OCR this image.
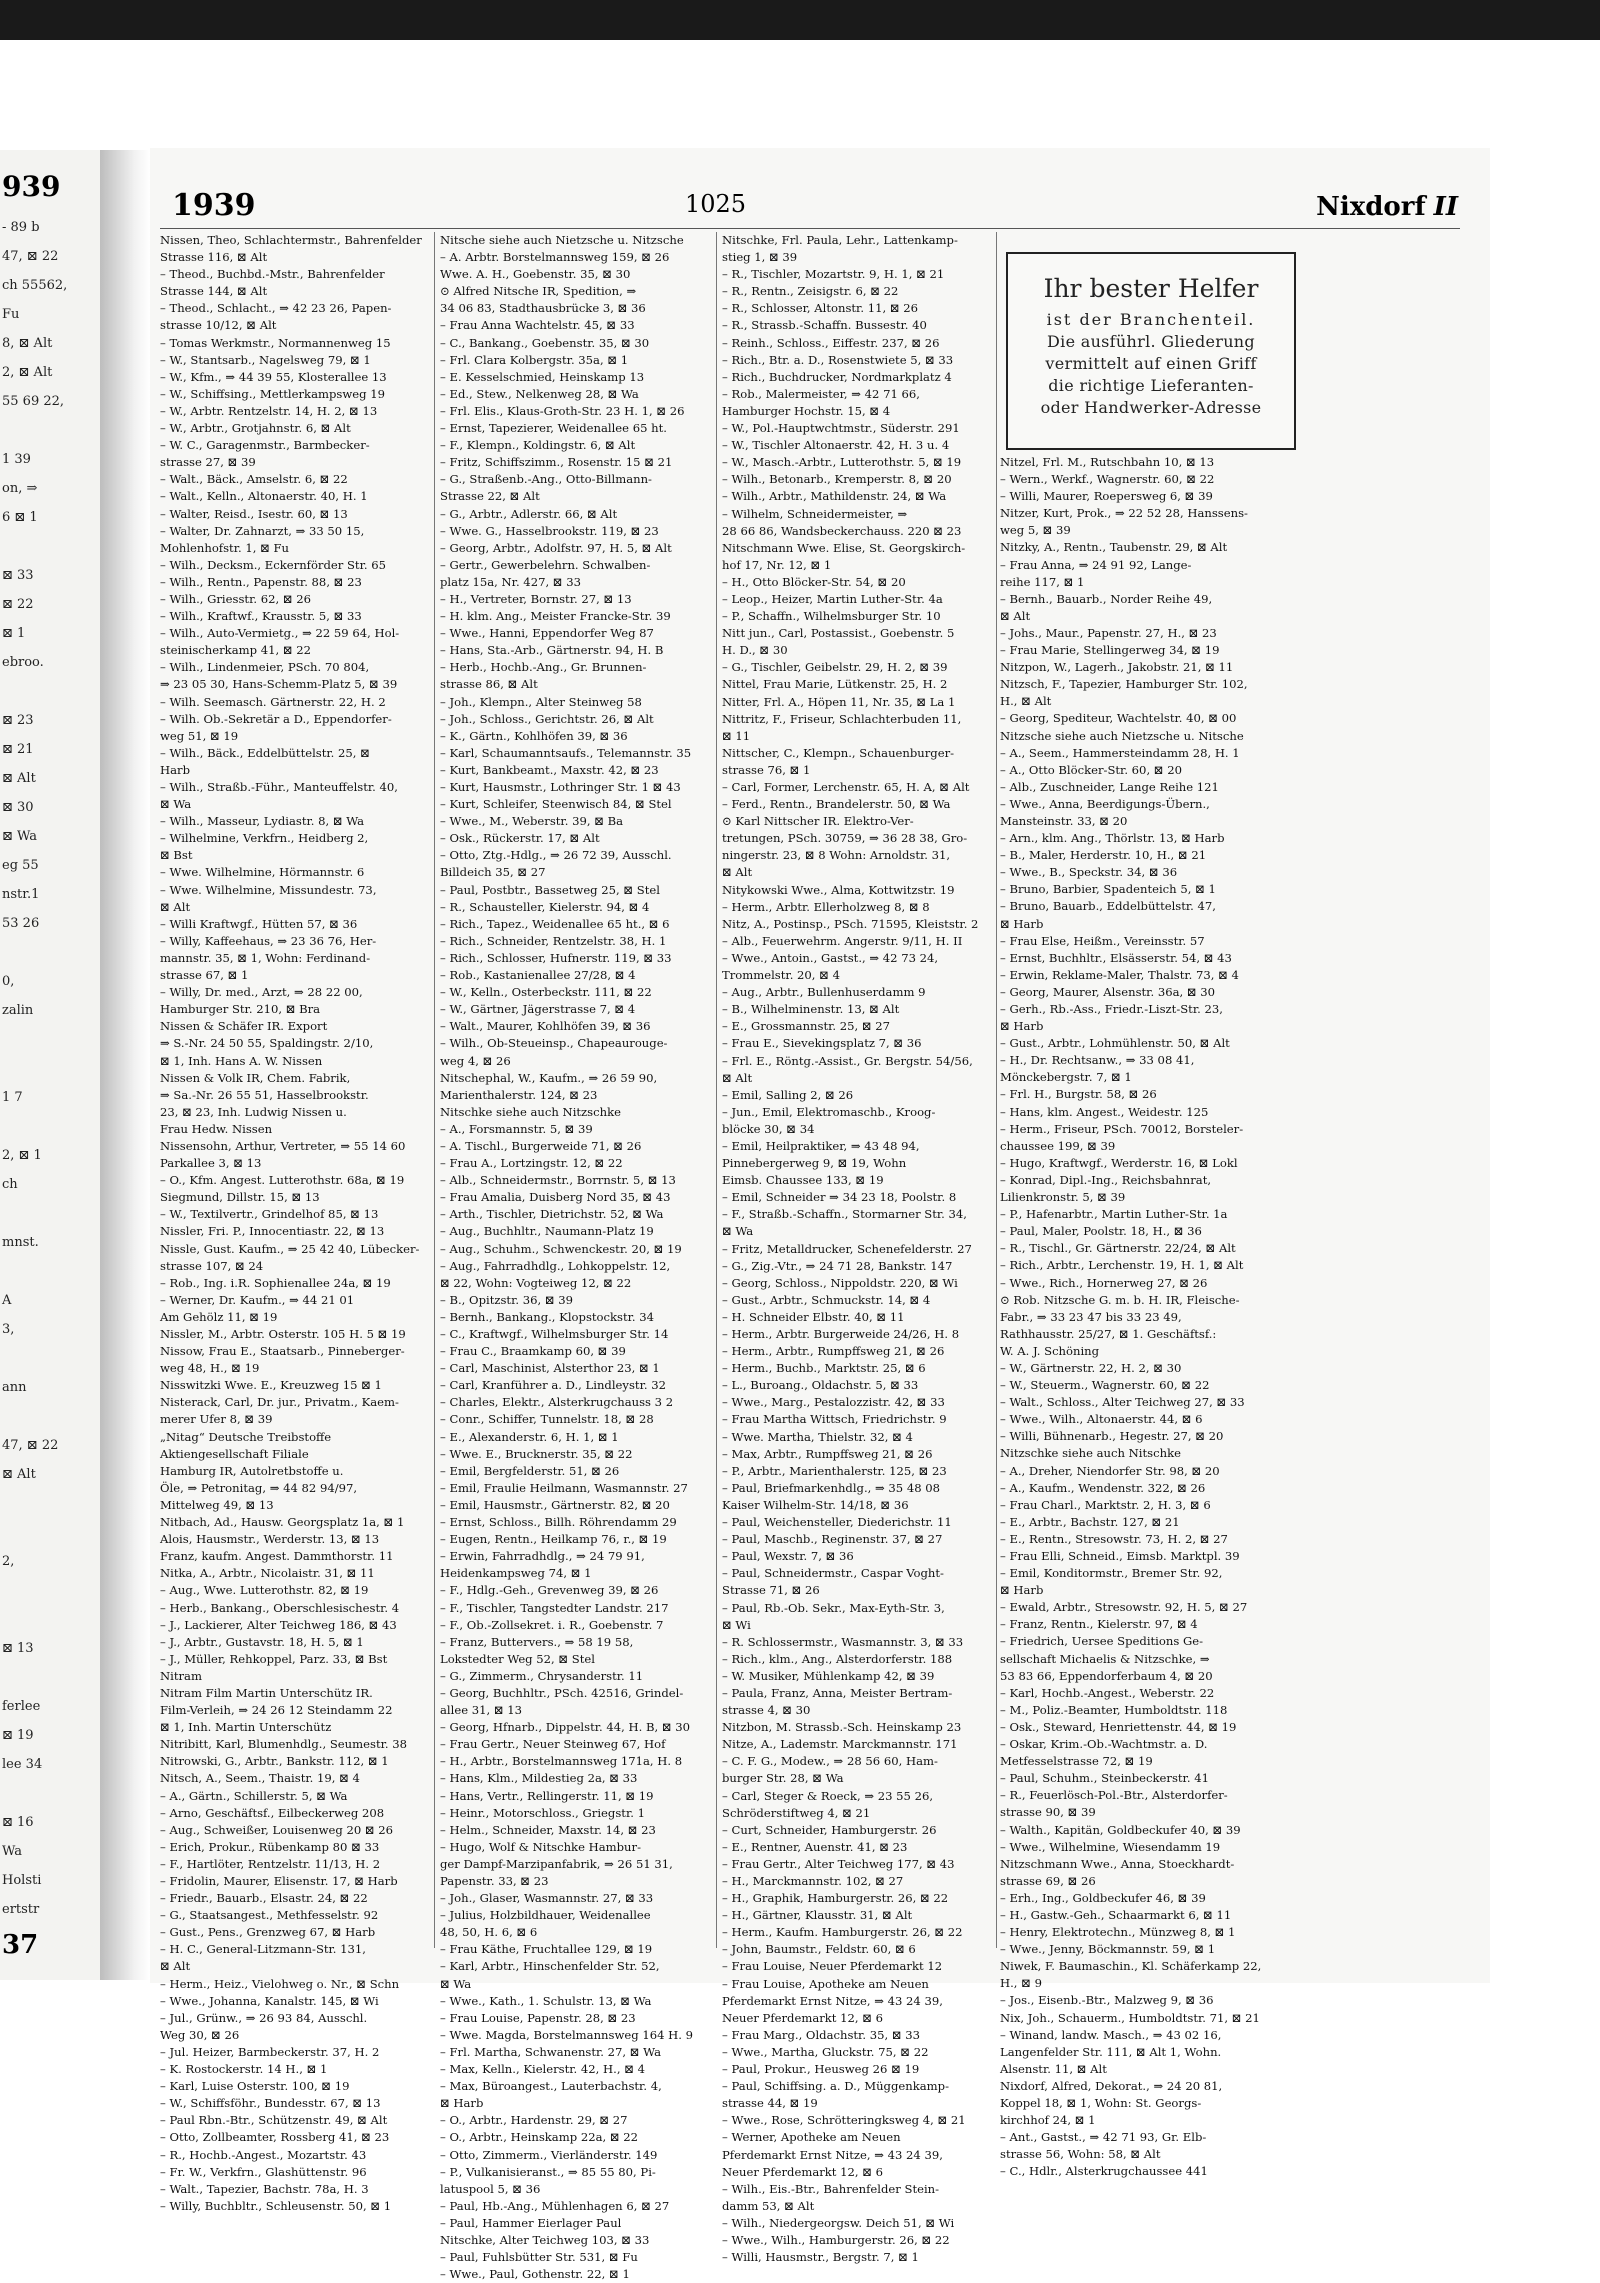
939
- 89 b
47, ⊠ 22
ch 55562,
Fu
8, ⊠ Alt
2, ⊠ Alt
55 69 22,
1 39
on, ⇒
6 ⊠ 1
⊠ 33
⊠ 22
⊠ 1
ebroo.
⊠ 23
⊠ 21
⊠ Alt
⊠ 30
⊠ Wa
eg 55
nstr.1
53 26
0,
zalin
1 7
2, ⊠ 1
ch
mnst.
A
3,
ann
47, ⊠ 22
⊠ Alt
2,
⊠ 13
ferlee
⊠ 19
lee 34
⊠ 16
Wa
Holsti
ertstr
37
1939	1025	Nixdorf II
Nissen, Theo, Schlachtermstr., Bahrenfelder
Strasse 116, ⊠ Alt
– Theod., Buchbd.-Mstr., Bahrenfelder
Strasse 144, ⊠ Alt
– Theod., Schlacht., ⇒ 42 23 26, Papen-
strasse 10/12, ⊠ Alt
– Tomas Werkmstr., Normannenweg 15
– W., Stantsarb., Nagelsweg 79, ⊠ 1
– W., Kfm., ⇒ 44 39 55, Klosterallee 13
– W., Schiffsing., Mettlerkampsweg 19
– W., Arbtr. Rentzelstr. 14, H. 2, ⊠ 13
– W., Arbtr., Grotjahnstr. 6, ⊠ Alt
– W. C., Garagenmstr., Barmbecker-
strasse 27, ⊠ 39
– Walt., Bäck., Amselstr. 6, ⊠ 22
– Walt., Kelln., Altonaerstr. 40, H. 1
– Walter, Reisd., Isestr. 60, ⊠ 13
– Walter, Dr. Zahnarzt, ⇒ 33 50 15,
Mohlenhofstr. 1, ⊠ Fu
– Wilh., Decksm., Eckernförder Str. 65
– Wilh., Rentn., Papenstr. 88, ⊠ 23
– Wilh., Griesstr. 62, ⊠ 26
– Wilh., Kraftwf., Krausstr. 5, ⊠ 33
– Wilh., Auto-Vermietg., ⇒ 22 59 64, Hol-
steinischerkamp 41, ⊠ 22
– Wilh., Lindenmeier, PSch. 70 804,
⇒ 23 05 30, Hans-Schemm-Platz 5, ⊠ 39
– Wilh. Seemasch. Gärtnerstr. 22, H. 2
– Wilh. Ob.-Sekretär a D., Eppendorfer-
weg 51, ⊠ 19
– Wilh., Bäck., Eddelbüttelstr. 25, ⊠
Harb
– Wilh., Straßb.-Führ., Manteuffelstr. 40,
⊠ Wa
– Wilh., Masseur, Lydiastr. 8, ⊠ Wa
– Wilhelmine, Verkfrn., Heidberg 2,
⊠ Bst
– Wwe. Wilhelmine, Hörmannstr. 6
– Wwe. Wilhelmine, Missundestr. 73,
⊠ Alt
– Willi Kraftwgf., Hütten 57, ⊠ 36
– Willy, Kaffeehaus, ⇒ 23 36 76, Her-
mannstr. 35, ⊠ 1, Wohn: Ferdinand-
strasse 67, ⊠ 1
– Willy, Dr. med., Arzt, ⇒ 28 22 00,
Hamburger Str. 210, ⊠ Bra
Nissen & Schäfer IR. Export
⇒ S.-Nr. 24 50 55, Spaldingstr. 2/10,
⊠ 1, Inh. Hans A. W. Nissen
Nissen & Volk IR, Chem. Fabrik,
⇒ Sa.-Nr. 26 55 51, Hasselbrookstr.
23, ⊠ 23, Inh. Ludwig Nissen u.
Frau Hedw. Nissen
Nissensohn, Arthur, Vertreter, ⇒ 55 14 60
Parkallee 3, ⊠ 13
– O., Kfm. Angest. Lutterothstr. 68a, ⊠ 19
Siegmund, Dillstr. 15, ⊠ 13
– W., Textilvertr., Grindelhof 85, ⊠ 13
Nissler, Fri. P., Innocentiastr. 22, ⊠ 13
Nissle, Gust. Kaufm., ⇒ 25 42 40, Lübecker-
strasse 107, ⊠ 24
– Rob., Ing. i.R. Sophienallee 24a, ⊠ 19
– Werner, Dr. Kaufm., ⇒ 44 21 01
Am Gehölz 11, ⊠ 19
Nissler, M., Arbtr. Osterstr. 105 H. 5 ⊠ 19
Nissow, Frau E., Staatsarb., Pinneberger-
weg 48, H., ⊠ 19
Nisswitzki Wwe. E., Kreuzweg 15 ⊠ 1
Nisterack, Carl, Dr. jur., Privatm., Kaem-
merer Ufer 8, ⊠ 39
„Nitag“ Deutsche Treibstoffe
Aktiengesellschaft Filiale
Hamburg IR, Autolretbstoffe u.
Öle, ⇒ Petronitag, ⇒ 44 82 94/97,
Mittelweg 49, ⊠ 13
Nitbach, Ad., Hausw. Georgsplatz 1a, ⊠ 1
Alois, Hausmstr., Werderstr. 13, ⊠ 13
Franz, kaufm. Angest. Dammthorstr. 11
Nitka, A., Arbtr., Nicolaistr. 31, ⊠ 11
– Aug., Wwe. Lutterothstr. 82, ⊠ 19
– Herb., Bankang., Oberschlesischestr. 4
– J., Lackierer, Alter Teichweg 186, ⊠ 43
– J., Arbtr., Gustavstr. 18, H. 5, ⊠ 1
– J., Müller, Rehkoppel, Parz. 33, ⊠ Bst
Nitram
Nitram Film Martin Unterschütz IR.
Film-Verleih, ⇒ 24 26 12 Steindamm 22
⊠ 1, Inh. Martin Unterschütz
Nitribitt, Karl, Blumenhdlg., Seumestr. 38
Nitrowski, G., Arbtr., Bankstr. 112, ⊠ 1
Nitsch, A., Seem., Thaistr. 19, ⊠ 4
– A., Gärtn., Schillerstr. 5, ⊠ Wa
– Arno, Geschäftsf., Eilbeckerweg 208
– Aug., Schweißer, Louisenweg 20 ⊠ 26
– Erich, Prokur., Rübenkamp 80 ⊠ 33
– F., Hartlöter, Rentzelstr. 11/13, H. 2
– Fridolin, Maurer, Elisenstr. 17, ⊠ Harb
– Friedr., Bauarb., Elsastr. 24, ⊠ 22
– G., Staatsangest., Methfesselstr. 92
– Gust., Pens., Grenzweg 67, ⊠ Harb
– H. C., General-Litzmann-Str. 131,
⊠ Alt
– Herm., Heiz., Vielohweg o. Nr., ⊠ Schn
– Wwe., Johanna, Kanalstr. 145, ⊠ Wi
– Jul., Grünw., ⇒ 26 93 84, Ausschl.
Weg 30, ⊠ 26
– Jul. Heizer, Barmbeckerstr. 37, H. 2
– K. Rostockerstr. 14 H., ⊠ 1
– Karl, Luise Osterstr. 100, ⊠ 19
– W., Schiffsföhr., Bundesstr. 67, ⊠ 13
– Paul Rbn.-Btr., Schützenstr. 49, ⊠ Alt
– Otto, Zollbeamter, Rossberg 41, ⊠ 23
– R., Hochb.-Angest., Mozartstr. 43
– Fr. W., Verkfrn., Glashüttenstr. 96
– Walt., Tapezier, Bachstr. 78a, H. 3
– Willy, Buchbltr., Schleusenstr. 50, ⊠ 1
Nitsche siehe auch Nietzsche u. Nitzsche
– A. Arbtr. Borstelmannsweg 159, ⊠ 26
Wwe. A. H., Goebenstr. 35, ⊠ 30
⊙ Alfred Nitsche IR, Spedition, ⇒
34 06 83, Stadthausbrücke 3, ⊠ 36
– Frau Anna Wachtelstr. 45, ⊠ 33
– C., Bankang., Goebenstr. 35, ⊠ 30
– Frl. Clara Kolbergstr. 35a, ⊠ 1
– E. Kesselschmied, Heinskamp 13
– Ed., Stew., Nelkenweg 28, ⊠ Wa
– Frl. Elis., Klaus-Groth-Str. 23 H. 1, ⊠ 26
– Ernst, Tapezierer, Weidenallee 65 ht.
– F., Klempn., Koldingstr. 6, ⊠ Alt
– Fritz, Schiffszimm., Rosenstr. 15 ⊠ 21
– G., Straßenb.-Ang., Otto-Billmann-
Strasse 22, ⊠ Alt
– G., Arbtr., Adlerstr. 66, ⊠ Alt
– Wwe. G., Hasselbrookstr. 119, ⊠ 23
– Georg, Arbtr., Adolfstr. 97, H. 5, ⊠ Alt
– Gertr., Gewerbelehrn. Schwalben-
platz 15a, Nr. 427, ⊠ 33
– H., Vertreter, Bornstr. 27, ⊠ 13
– H. klm. Ang., Meister Francke-Str. 39
– Wwe., Hanni, Eppendorfer Weg 87
– Hans, Sta.-Arb., Gärtnerstr. 94, H. B
– Herb., Hochb.-Ang., Gr. Brunnen-
strasse 86, ⊠ Alt
– Joh., Klempn., Alter Steinweg 58
– Joh., Schloss., Gerichtstr. 26, ⊠ Alt
– K., Gärtn., Kohlhöfen 39, ⊠ 36
– Karl, Schaumanntsaufs., Telemannstr. 35
– Kurt, Bankbeamt., Maxstr. 42, ⊠ 23
– Kurt, Hausmstr., Lothringer Str. 1 ⊠ 43
– Kurt, Schleifer, Steenwisch 84, ⊠ Stel
– Wwe., M., Weberstr. 39, ⊠ Ba
– Osk., Rückerstr. 17, ⊠ Alt
– Otto, Ztg.-Hdlg., ⇒ 26 72 39, Ausschl.
Billdeich 35, ⊠ 27
– Paul, Postbtr., Bassetweg 25, ⊠ Stel
– R., Schausteller, Kielerstr. 94, ⊠ 4
– Rich., Tapez., Weidenallee 65 ht., ⊠ 6
– Rich., Schneider, Rentzelstr. 38, H. 1
– Rich., Schlosser, Hufnerstr. 119, ⊠ 33
– Rob., Kastanienallee 27/28, ⊠ 4
– W., Kelln., Osterbeckstr. 111, ⊠ 22
– W., Gärtner, Jägerstrasse 7, ⊠ 4
– Walt., Maurer, Kohlhöfen 39, ⊠ 36
– Wilh., Ob-Steueinsp., Chapeaurouge-
weg 4, ⊠ 26
Nitschephal, W., Kaufm., ⇒ 26 59 90,
Marienthalerstr. 124, ⊠ 23
Nitschke siehe auch Nitzschke
– A., Forsmannstr. 5, ⊠ 39
– A. Tischl., Burgerweide 71, ⊠ 26
– Frau A., Lortzingstr. 12, ⊠ 22
– Alb., Schneidermstr., Borrnstr. 5, ⊠ 13
– Frau Amalia, Duisberg Nord 35, ⊠ 43
– Arth., Tischler, Dietrichstr. 52, ⊠ Wa
– Aug., Buchhltr., Naumann-Platz 19
– Aug., Schuhm., Schwenckestr. 20, ⊠ 19
– Aug., Fahrradhdlg., Lohkoppelstr. 12,
⊠ 22, Wohn: Vogteiweg 12, ⊠ 22
– B., Opitzstr. 36, ⊠ 39
– Bernh., Bankang., Klopstockstr. 34
– C., Kraftwgf., Wilhelmsburger Str. 14
– Frau C., Braamkamp 60, ⊠ 39
– Carl, Maschinist, Alsterthor 23, ⊠ 1
– Carl, Kranführer a. D., Lindleystr. 32
– Charles, Elektr., Alsterkrugchauss 3 2
– Conr., Schiffer, Tunnelstr. 18, ⊠ 28
– E., Alexanderstr. 6, H. 1, ⊠ 1
– Wwe. E., Brucknerstr. 35, ⊠ 22
– Emil, Bergfelderstr. 51, ⊠ 26
– Emil, Fraulie Heilmann, Wasmannstr. 27
– Emil, Hausmstr., Gärtnerstr. 82, ⊠ 20
– Ernst, Schloss., Billh. Röhrendamm 29
– Eugen, Rentn., Heilkamp 76, r., ⊠ 19
– Erwin, Fahrradhdlg., ⇒ 24 79 91,
Heidenkampsweg 74, ⊠ 1
– F., Hdlg.-Geh., Grevenweg 39, ⊠ 26
– F., Tischler, Tangstedter Landstr. 217
– F., Ob.-Zollsekret. i. R., Goebenstr. 7
– Franz, Buttervers., ⇒ 58 19 58,
Lokstedter Weg 52, ⊠ Stel
– G., Zimmerm., Chrysanderstr. 11
– Georg, Buchhltr., PSch. 42516, Grindel-
allee 31, ⊠ 13
– Georg, Hfnarb., Dippelstr. 44, H. B, ⊠ 30
– Frau Gertr., Neuer Steinweg 67, Hof
– H., Arbtr., Borstelmannsweg 171a, H. 8
– Hans, Klm., Mildestieg 2a, ⊠ 33
– Hans, Vertr., Rellingerstr. 11, ⊠ 19
– Heinr., Motorschloss., Griegstr. 1
– Helm., Schneider, Maxstr. 14, ⊠ 23
– Hugo, Wolf & Nitschke Hambur-
ger Dampf-Marzipanfabrik, ⇒ 26 51 31,
Papenstr. 33, ⊠ 23
– Joh., Glaser, Wasmannstr. 27, ⊠ 33
– Julius, Holzbildhauer, Weidenallee
48, 50, H. 6, ⊠ 6
– Frau Käthe, Fruchtallee 129, ⊠ 19
– Karl, Arbtr., Hinschenfelder Str. 52,
⊠ Wa
– Wwe., Kath., 1. Schulstr. 13, ⊠ Wa
– Frau Louise, Papenstr. 28, ⊠ 23
– Wwe. Magda, Borstelmannsweg 164 H. 9
– Frl. Martha, Schwanenstr. 27, ⊠ Wa
– Max, Kelln., Kielerstr. 42, H., ⊠ 4
– Max, Büroangest., Lauterbachstr. 4,
⊠ Harb
– O., Arbtr., Hardenstr. 29, ⊠ 27
– O., Arbtr., Heinskamp 22a, ⊠ 22
– Otto, Zimmerm., Vierländerstr. 149
– P., Vulkanisieranst., ⇒ 85 55 80, Pi-
latuspool 5, ⊠ 36
– Paul, Hb.-Ang., Mühlenhagen 6, ⊠ 27
– Paul, Hammer Eierlager Paul
Nitschke, Alter Teichweg 103, ⊠ 33
– Paul, Fuhlsbütter Str. 531, ⊠ Fu
– Wwe., Paul, Gothenstr. 22, ⊠ 1
Nitschke, Frl. Paula, Lehr., Lattenkamp-
stieg 1, ⊠ 39
– R., Tischler, Mozartstr. 9, H. 1, ⊠ 21
– R., Rentn., Zeisigstr. 6, ⊠ 22
– R., Schlosser, Altonstr. 11, ⊠ 26
– R., Strassb.-Schaffn. Bussestr. 40
– Reinh., Schloss., Eiffestr. 237, ⊠ 26
– Rich., Btr. a. D., Rosenstwiete 5, ⊠ 33
– Rich., Buchdrucker, Nordmarkplatz 4
– Rob., Malermeister, ⇒ 42 71 66,
Hamburger Hochstr. 15, ⊠ 4
– W., Pol.-Hauptwchtmstr., Süderstr. 291
– W., Tischler Altonaerstr. 42, H. 3 u. 4
– W., Masch.-Arbtr., Lutterothstr. 5, ⊠ 19
– Wilh., Betonarb., Kremperstr. 8, ⊠ 20
– Wilh., Arbtr., Mathildenstr. 24, ⊠ Wa
– Wilhelm, Schneidermeister, ⇒
28 66 86, Wandsbeckerchauss. 220 ⊠ 23
Nitschmann Wwe. Elise, St. Georgskirch-
hof 17, Nr. 12, ⊠ 1
– H., Otto Blöcker-Str. 54, ⊠ 20
– Leop., Heizer, Martin Luther-Str. 4a
– P., Schaffn., Wilhelmsburger Str. 10
Nitt jun., Carl, Postassist., Goebenstr. 5
H. D., ⊠ 30
– G., Tischler, Geibelstr. 29, H. 2, ⊠ 39
Nittel, Frau Marie, Lütkenstr. 25, H. 2
Nitter, Frl. A., Höpen 11, Nr. 35, ⊠ La 1
Nittritz, F., Friseur, Schlachterbuden 11,
⊠ 11
Nittscher, C., Klempn., Schauenburger-
strasse 76, ⊠ 1
– Carl, Former, Lerchenstr. 65, H. A, ⊠ Alt
– Ferd., Rentn., Brandelerstr. 50, ⊠ Wa
⊙ Karl Nittscher IR. Elektro-Ver-
tretungen, PSch. 30759, ⇒ 36 28 38, Gro-
ningerstr. 23, ⊠ 8 Wohn: Arnoldstr. 31,
⊠ Alt
Nitykowski Wwe., Alma, Kottwitzstr. 19
– Herm., Arbtr. Ellerholzweg 8, ⊠ 8
Nitz, A., Postinsp., PSch. 71595, Kleiststr. 2
– Alb., Feuerwehrm. Angerstr. 9/11, H. II
– Wwe., Antoin., Gastst., ⇒ 42 73 24,
Trommelstr. 20, ⊠ 4
– Aug., Arbtr., Bullenhuserdamm 9
– B., Wilhelminenstr. 13, ⊠ Alt
– E., Grossmannstr. 25, ⊠ 27
– Frau E., Sievekingsplatz 7, ⊠ 36
– Frl. E., Röntg.-Assist., Gr. Bergstr. 54/56,
⊠ Alt
– Emil, Salling 2, ⊠ 26
– Jun., Emil, Elektromaschb., Kroog-
blöcke 30, ⊠ 34
– Emil, Heilpraktiker, ⇒ 43 48 94,
Pinnebergerweg 9, ⊠ 19, Wohn
Eimsb. Chaussee 133, ⊠ 19
– Emil, Schneider ⇒ 34 23 18, Poolstr. 8
– F., Straßb.-Schaffn., Stormarner Str. 34,
⊠ Wa
– Fritz, Metalldrucker, Schenefelderstr. 27
– G., Zig.-Vtr., ⇒ 24 71 28, Bankstr. 147
– Georg, Schloss., Nippoldstr. 220, ⊠ Wi
– Gust., Arbtr., Schmuckstr. 14, ⊠ 4
– H. Schneider Elbstr. 40, ⊠ 11
– Herm., Arbtr. Burgerweide 24/26, H. 8
– Herm., Arbtr., Rumpffsweg 21, ⊠ 26
– Herm., Buchb., Marktstr. 25, ⊠ 6
– L., Buroang., Oldachstr. 5, ⊠ 33
– Wwe., Marg., Pestalozzistr. 42, ⊠ 33
– Frau Martha Wittsch, Friedrichstr. 9
– Wwe. Martha, Thielstr. 32, ⊠ 4
– Max, Arbtr., Rumpffsweg 21, ⊠ 26
– P., Arbtr., Marienthalerstr. 125, ⊠ 23
– Paul, Briefmarkenhdlg., ⇒ 35 48 08
Kaiser Wilhelm-Str. 14/18, ⊠ 36
– Paul, Weichensteller, Diederichstr. 11
– Paul, Maschb., Reginenstr. 37, ⊠ 27
– Paul, Wexstr. 7, ⊠ 36
– Paul, Schneidermstr., Caspar Voght-
Strasse 71, ⊠ 26
– Paul, Rb.-Ob. Sekr., Max-Eyth-Str. 3,
⊠ Wi
– R. Schlossermstr., Wasmannstr. 3, ⊠ 33
– Rich., klm., Ang., Alsterdorferstr. 188
– W. Musiker, Mühlenkamp 42, ⊠ 39
– Paula, Franz, Anna, Meister Bertram-
strasse 4, ⊠ 30
Nitzbon, M. Strassb.-Sch. Heinskamp 23
Nitze, A., Lademstr. Marckmannstr. 171
– C. F. G., Modew., ⇒ 28 56 60, Ham-
burger Str. 28, ⊠ Wa
– Carl, Steger & Roeck, ⇒ 23 55 26,
Schröderstiftweg 4, ⊠ 21
– Curt, Schneider, Hamburgerstr. 26
– E., Rentner, Auenstr. 41, ⊠ 23
– Frau Gertr., Alter Teichweg 177, ⊠ 43
– H., Marckmannstr. 102, ⊠ 27
– H., Graphik, Hamburgerstr. 26, ⊠ 22
– H., Gärtner, Klausstr. 31, ⊠ Alt
– Herm., Kaufm. Hamburgerstr. 26, ⊠ 22
– John, Baumstr., Feldstr. 60, ⊠ 6
– Frau Louise, Neuer Pferdemarkt 12
– Frau Louise, Apotheke am Neuen
Pferdemarkt Ernst Nitze, ⇒ 43 24 39,
Neuer Pferdemarkt 12, ⊠ 6
– Frau Marg., Oldachstr. 35, ⊠ 33
– Wwe., Martha, Gluckstr. 75, ⊠ 22
– Paul, Prokur., Heusweg 26 ⊠ 19
– Paul, Schiffsing. a. D., Müggenkamp-
strasse 44, ⊠ 19
– Wwe., Rose, Schrötteringksweg 4, ⊠ 21
– Werner, Apotheke am Neuen
Pferdemarkt Ernst Nitze, ⇒ 43 24 39,
Neuer Pferdemarkt 12, ⊠ 6
– Wilh., Eis.-Btr., Bahrenfelder Stein-
damm 53, ⊠ Alt
– Wilh., Niedergeorgsw. Deich 51, ⊠ Wi
– Wwe., Wilh., Hamburgerstr. 26, ⊠ 22
– Willi, Hausmstr., Bergstr. 7, ⊠ 1
Nitzel, Frl. M., Rutschbahn 10, ⊠ 13
– Wern., Werkf., Wagnerstr. 60, ⊠ 22
– Willi, Maurer, Roepersweg 6, ⊠ 39
Nitzer, Kurt, Prok., ⇒ 22 52 28, Hanssens-
weg 5, ⊠ 39
Nitzky, A., Rentn., Taubenstr. 29, ⊠ Alt
– Frau Anna, ⇒ 24 91 92, Lange-
reihe 117, ⊠ 1
– Bernh., Bauarb., Norder Reihe 49,
⊠ Alt
– Johs., Maur., Papenstr. 27, H., ⊠ 23
– Frau Marie, Stellingerweg 34, ⊠ 19
Nitzpon, W., Lagerh., Jakobstr. 21, ⊠ 11
Nitzsch, F., Tapezier, Hamburger Str. 102,
H., ⊠ Alt
– Georg, Spediteur, Wachtelstr. 40, ⊠ 00
Nitzsche siehe auch Nietzsche u. Nitsche
– A., Seem., Hammersteindamm 28, H. 1
– A., Otto Blöcker-Str. 60, ⊠ 20
– Alb., Zuschneider, Lange Reihe 121
– Wwe., Anna, Beerdigungs-Übern.,
Mansteinstr. 33, ⊠ 20
– Arn., klm. Ang., Thörlstr. 13, ⊠ Harb
– B., Maler, Herderstr. 10, H., ⊠ 21
– Wwe., B., Speckstr. 34, ⊠ 36
– Bruno, Barbier, Spadenteich 5, ⊠ 1
– Bruno, Bauarb., Eddelbüttelstr. 47,
⊠ Harb
– Frau Else, Heißm., Vereinsstr. 57
– Ernst, Buchhltr., Elsässerstr. 54, ⊠ 43
– Erwin, Reklame-Maler, Thalstr. 73, ⊠ 4
– Georg, Maurer, Alsenstr. 36a, ⊠ 30
– Gerh., Rb.-Ass., Friedr.-Liszt-Str. 23,
⊠ Harb
– Gust., Arbtr., Lohmühlenstr. 50, ⊠ Alt
– H., Dr. Rechtsanw., ⇒ 33 08 41,
Mönckebergstr. 7, ⊠ 1
– Frl. H., Burgstr. 58, ⊠ 26
– Hans, klm. Angest., Weidestr. 125
– Herm., Friseur, PSch. 70012, Borsteler-
chaussee 199, ⊠ 39
– Hugo, Kraftwgf., Werderstr. 16, ⊠ Lokl
– Konrad, Dipl.-Ing., Reichsbahnrat,
Lilienkronstr. 5, ⊠ 39
– P., Hafenarbtr., Martin Luther-Str. 1a
– Paul, Maler, Poolstr. 18, H., ⊠ 36
– R., Tischl., Gr. Gärtnerstr. 22/24, ⊠ Alt
– Rich., Arbtr., Lerchenstr. 19, H. 1, ⊠ Alt
– Wwe., Rich., Hornerweg 27, ⊠ 26
⊙ Rob. Nitzsche G. m. b. H. IR, Fleische-
Fabr., ⇒ 33 23 47 bis 33 23 49,
Rathhausstr. 25/27, ⊠ 1. Geschäftsf.:
W. A. J. Schöning
– W., Gärtnerstr. 22, H. 2, ⊠ 30
– W., Steuerm., Wagnerstr. 60, ⊠ 22
– Walt., Schloss., Alter Teichweg 27, ⊠ 33
– Wwe., Wilh., Altonaerstr. 44, ⊠ 6
– Willi, Bühnenarb., Hegestr. 27, ⊠ 20
Nitzschke siehe auch Nitschke
– A., Dreher, Niendorfer Str. 98, ⊠ 20
– A., Kaufm., Wendenstr. 322, ⊠ 26
– Frau Charl., Marktstr. 2, H. 3, ⊠ 6
– E., Arbtr., Bachstr. 127, ⊠ 21
– E., Rentn., Stresowstr. 73, H. 2, ⊠ 27
– Frau Elli, Schneid., Eimsb. Marktpl. 39
– Emil, Konditormstr., Bremer Str. 92,
⊠ Harb
– Ewald, Arbtr., Stresowstr. 92, H. 5, ⊠ 27
– Franz, Rentn., Kielerstr. 97, ⊠ 4
– Friedrich, Uersee Speditions Ge-
sellschaft Michaelis & Nitzschke, ⇒
53 83 66, Eppendorferbaum 4, ⊠ 20
– Karl, Hochb.-Angest., Weberstr. 22
– M., Poliz.-Beamter, Humboldtstr. 118
– Osk., Steward, Henriettenstr. 44, ⊠ 19
– Oskar, Krim.-Ob.-Wachtmstr. a. D.
Metfesselstrasse 72, ⊠ 19
– Paul, Schuhm., Steinbeckerstr. 41
– R., Feuerlösch-Pol.-Btr., Alsterdorfer-
strasse 90, ⊠ 39
– Walth., Kapitän, Goldbeckufer 40, ⊠ 39
– Wwe., Wilhelmine, Wiesendamm 19
Nitzschmann Wwe., Anna, Stoeckhardt-
strasse 69, ⊠ 26
– Erh., Ing., Goldbeckufer 46, ⊠ 39
– H., Gastw.-Geh., Schaarmarkt 6, ⊠ 11
– Henry, Elektrotechn., Münzweg 8, ⊠ 1
– Wwe., Jenny, Böckmannstr. 59, ⊠ 1
Niwek, F. Baumaschin., Kl. Schäferkamp 22,
H., ⊠ 9
– Jos., Eisenb.-Btr., Malzweg 9, ⊠ 36
Nix, Joh., Schauerm., Humboldtstr. 71, ⊠ 21
– Winand, landw. Masch., ⇒ 43 02 16,
Langenfelder Str. 111, ⊠ Alt 1, Wohn.
Alsenstr. 11, ⊠ Alt
Nixdorf, Alfred, Dekorat., ⇒ 24 20 81,
Koppel 18, ⊠ 1, Wohn: St. Georgs-
kirchhof 24, ⊠ 1
– Ant., Gastst., ⇒ 42 71 93, Gr. Elb-
strasse 56, Wohn: 58, ⊠ Alt
– C., Hdlr., Alsterkrugchaussee 441
Ihr bester Helfer
ist der Branchenteil.
Die ausführl. Gliederung
vermittelt auf einen Griff
die richtige Lieferanten-
oder Handwerker-Adresse
